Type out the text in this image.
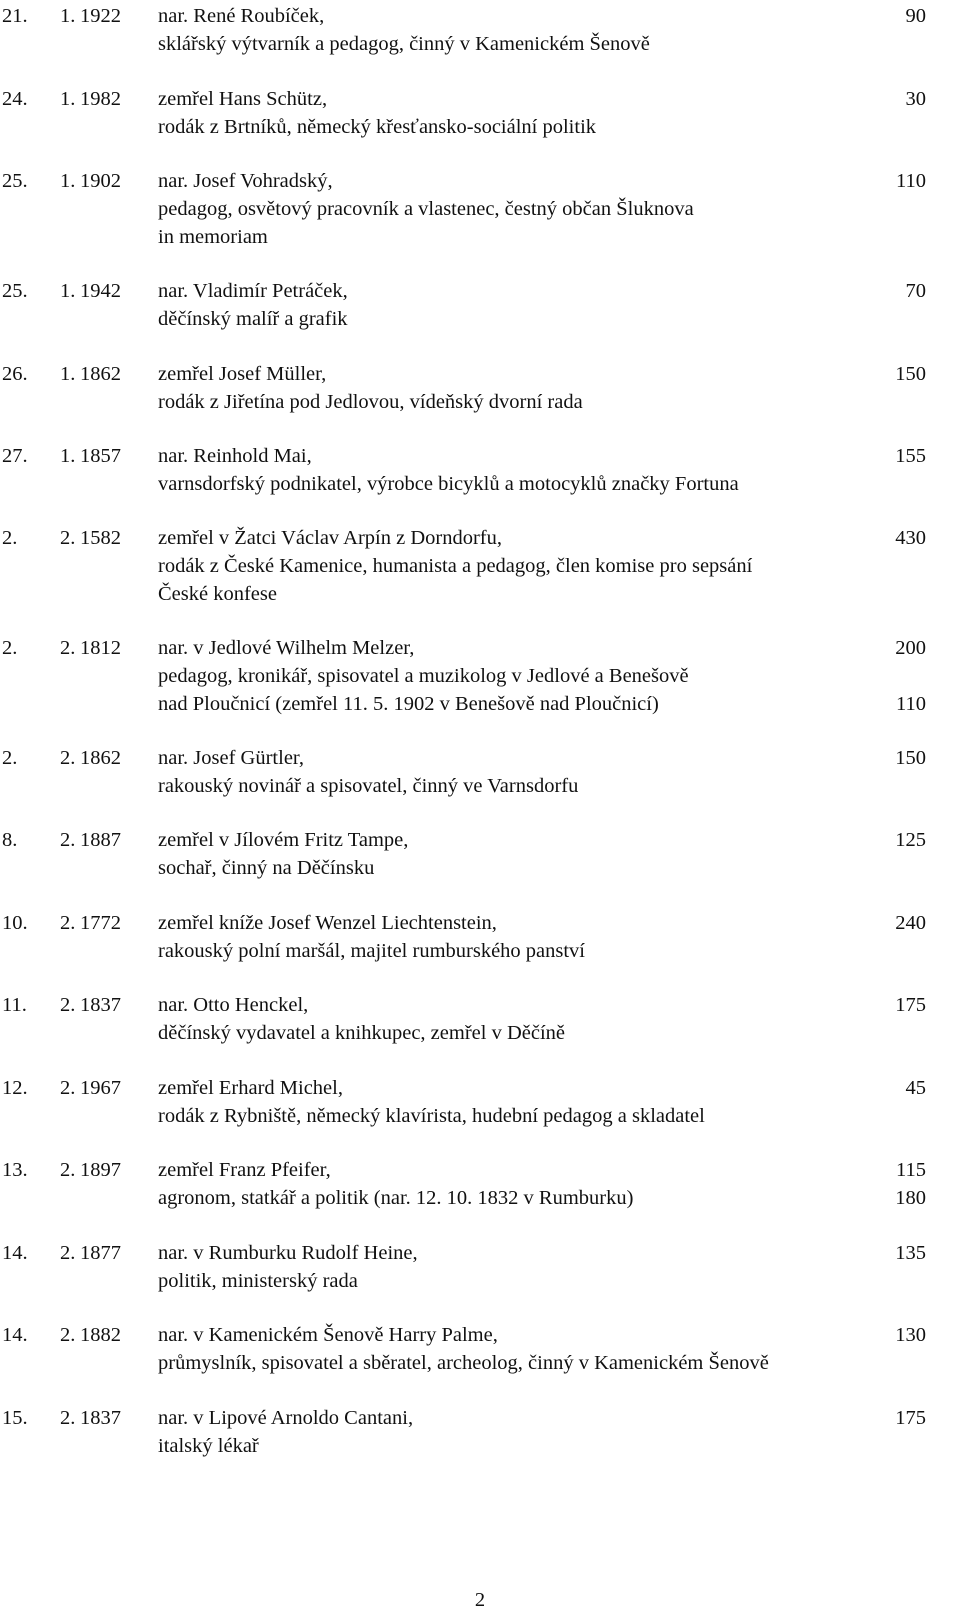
21.	1. 1922	nar. René Roubíček,	90
sklářský výtvarník a pedagog, činný v Kamenickém Šenově
24.	1. 1982	zemřel Hans Schütz,	30
rodák z Brtníků, německý křesťansko-sociální politik
25.	1. 1902	nar. Josef Vohradský,	110
pedagog, osvětový pracovník a vlastenec, čestný občan Šluknova
in memoriam
25.	1. 1942	nar. Vladimír Petráček,	70
děčínský malíř a grafik
26.	1. 1862	zemřel Josef Müller,	150
rodák z Jiřetína pod Jedlovou, vídeňský dvorní rada
27.	1. 1857	nar. Reinhold Mai,	155
varnsdorfský podnikatel, výrobce bicyklů a motocyklů značky Fortuna
2.	2. 1582	zemřel v Žatci Václav Arpín z Dorndorfu,	430
rodák z České Kamenice, humanista a pedagog, člen komise pro sepsání
České konfese
2.	2. 1812	nar. v Jedlové Wilhelm Melzer,	200
pedagog, kronikář, spisovatel a muzikolog v Jedlové a Benešově
nad Ploučnicí (zemřel 11. 5. 1902 v Benešově nad Ploučnicí)	110
2.	2. 1862	nar. Josef Gürtler,	150
rakouský novinář a spisovatel, činný ve Varnsdorfu
8.	2. 1887	zemřel v Jílovém Fritz Tampe,	125
sochař, činný na Děčínsku
10.	2. 1772	zemřel kníže Josef Wenzel Liechtenstein,	240
rakouský polní maršál, majitel rumburského panství
11.	2. 1837	nar. Otto Henckel,	175
děčínský vydavatel a knihkupec, zemřel v Děčíně
12.	2. 1967	zemřel Erhard Michel,	45
rodák z Rybniště, německý klavírista, hudební pedagog a skladatel
13.	2. 1897	zemřel Franz Pfeifer,	115
agronom, statkář a politik (nar. 12. 10. 1832 v Rumburku)	180
14.	2. 1877	nar. v Rumburku Rudolf Heine,	135
politik, ministerský rada
14.	2. 1882	nar. v Kamenickém Šenově Harry Palme,	130
průmyslník, spisovatel a sběratel, archeolog, činný v Kamenickém Šenově
15.	2. 1837	nar. v Lipové Arnoldo Cantani,	175
italský lékař
2
